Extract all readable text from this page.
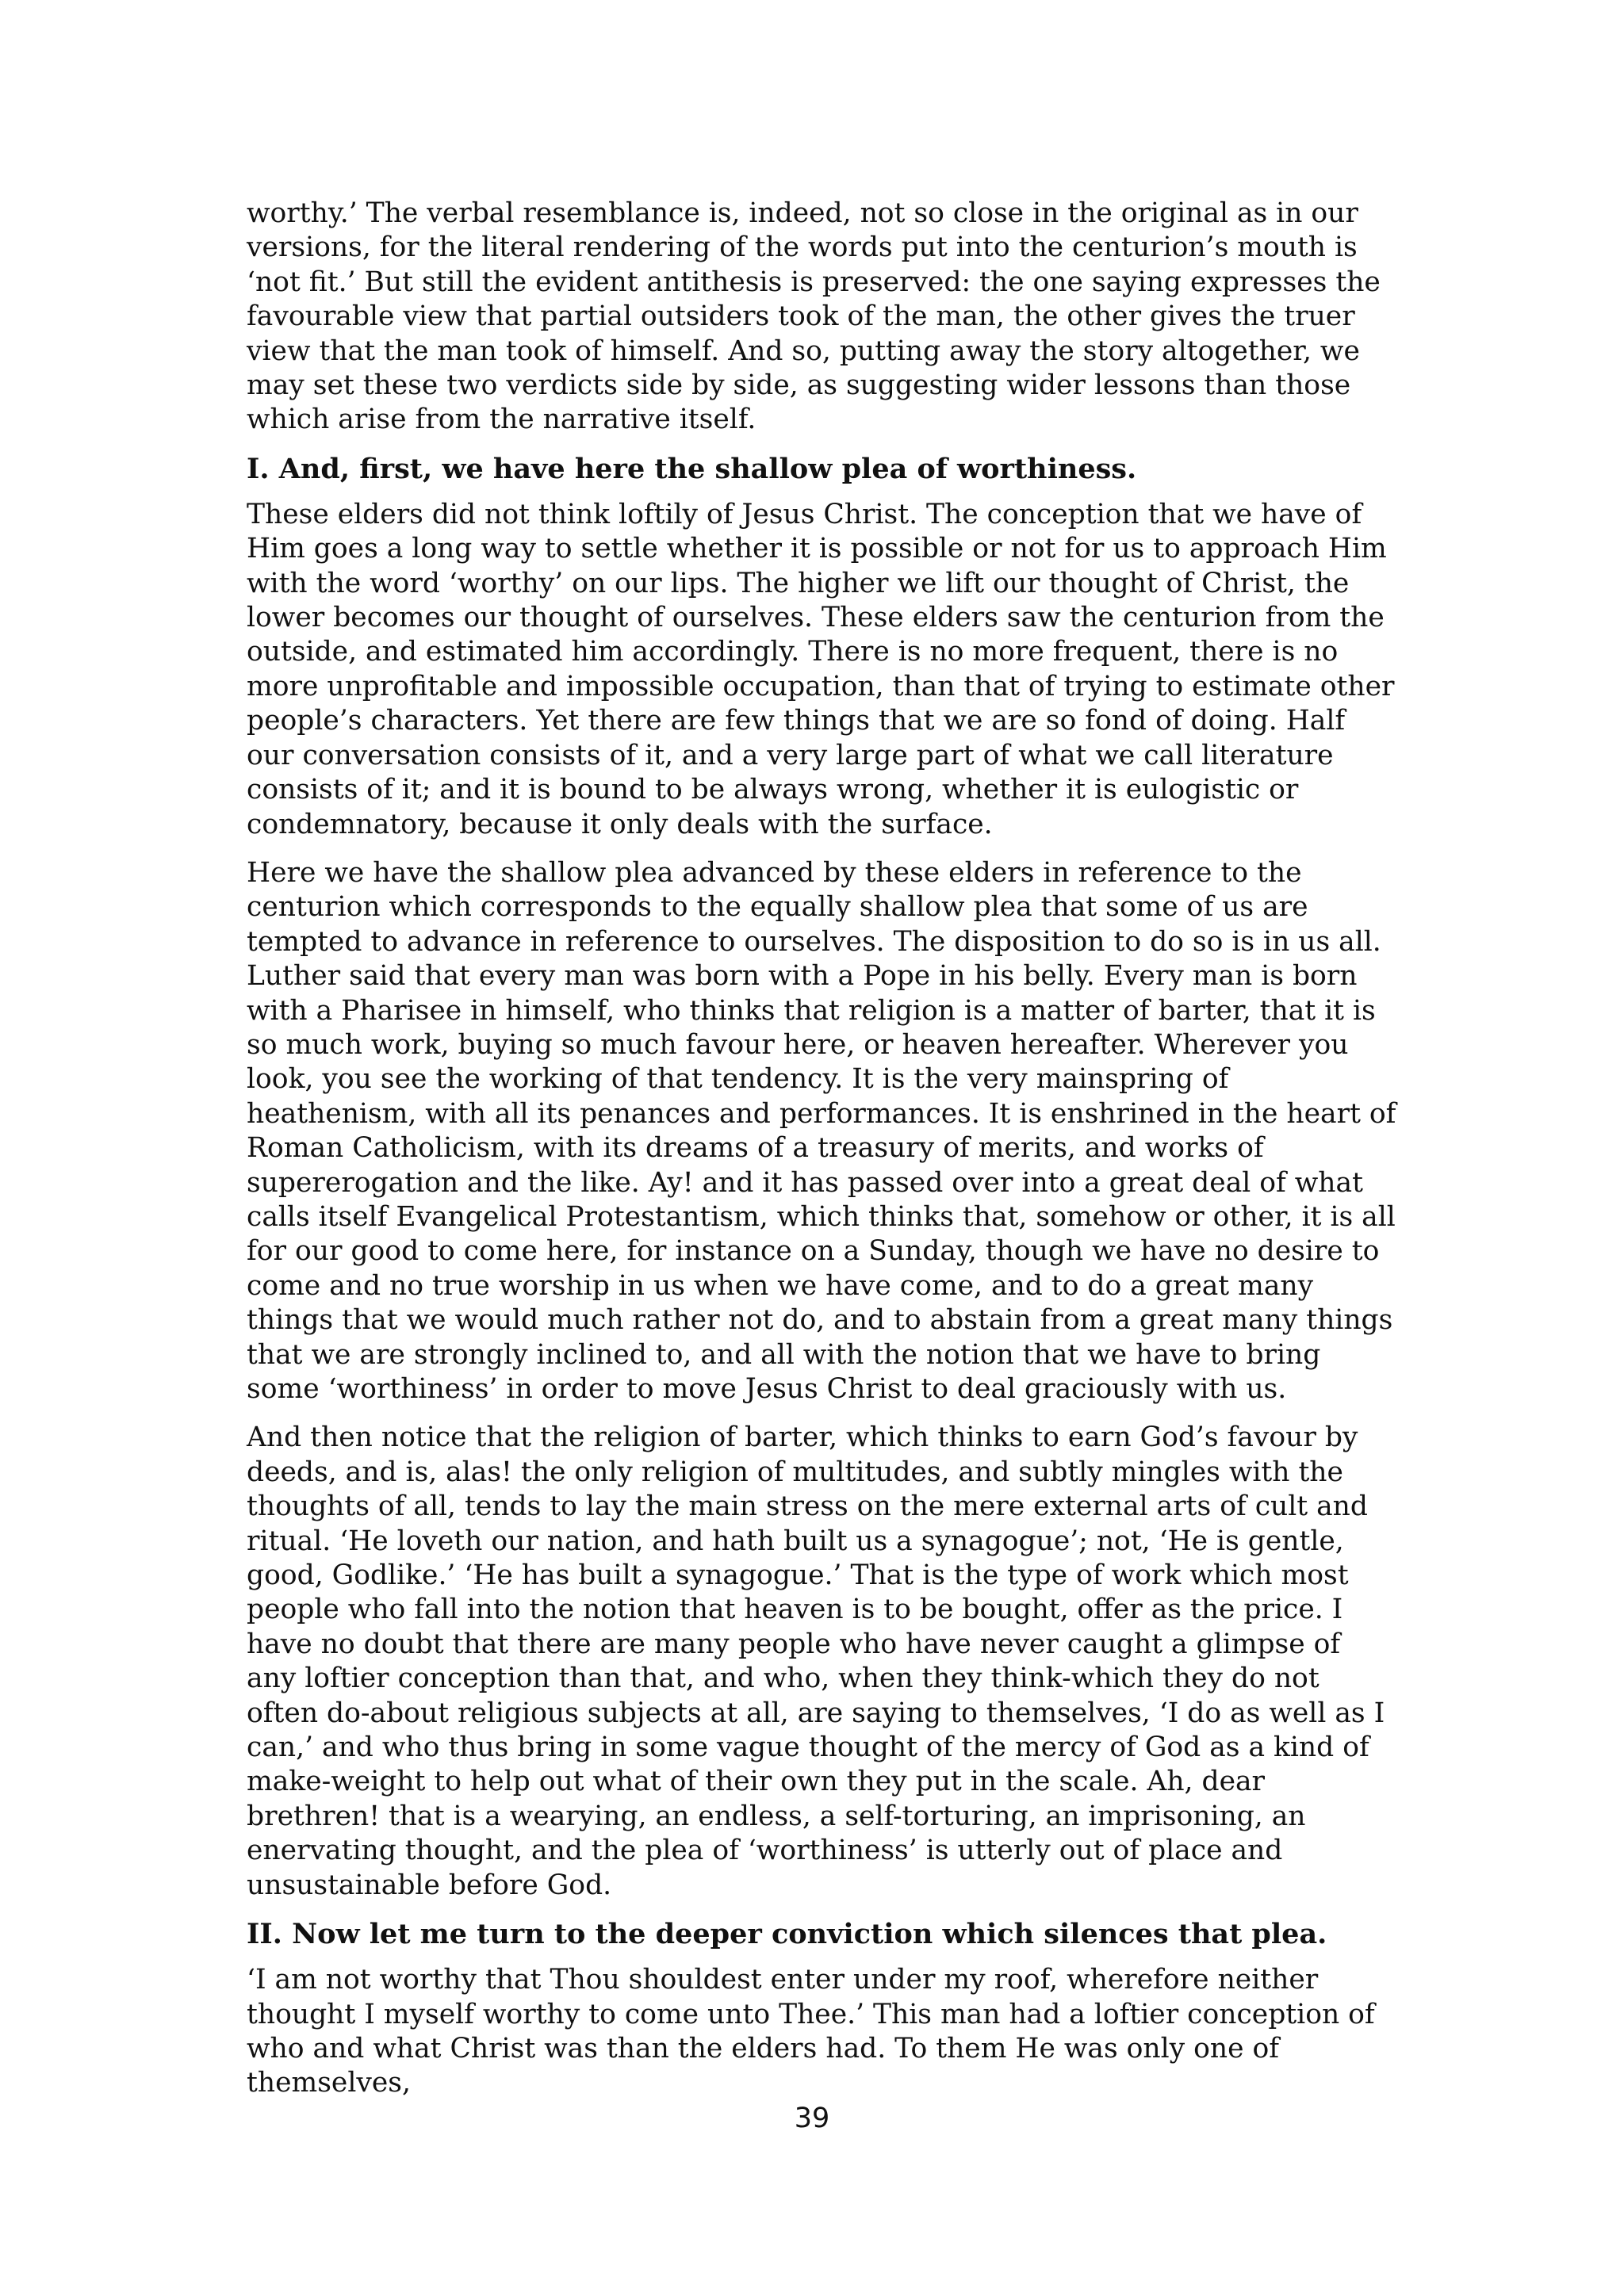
worthy.’ The verbal resemblance is, indeed, not so close in the original as in our versions, for the literal rendering of the words put into the centurion’s mouth is ‘not fit.’ But still the evident antithesis is preserved: the one saying expresses the favourable view that partial outsiders took of the man, the other gives the truer view that the man took of himself. And so, putting away the story altogether, we may set these two verdicts side by side, as suggesting wider lessons than those which arise from the narrative itself.

I. And, first, we have here the shallow plea of worthiness.

These elders did not think loftily of Jesus Christ. The conception that we have of Him goes a long way to settle whether it is possible or not for us to approach Him with the word ‘worthy’ on our lips. The higher we lift our thought of Christ, the lower becomes our thought of ourselves. These elders saw the centurion from the outside, and estimated him accordingly. There is no more frequent, there is no more unprofitable and impossible occupation, than that of trying to estimate other people’s characters. Yet there are few things that we are so fond of doing. Half our conversation consists of it, and a very large part of what we call literature consists of it; and it is bound to be always wrong, whether it is eulogistic or condemnatory, because it only deals with the surface.

Here we have the shallow plea advanced by these elders in reference to the centurion which corresponds to the equally shallow plea that some of us are tempted to advance in reference to ourselves. The disposition to do so is in us all. Luther said that every man was born with a Pope in his belly. Every man is born with a Pharisee in himself, who thinks that religion is a matter of barter, that it is so much work, buying so much favour here, or heaven hereafter. Wherever you look, you see the working of that tendency. It is the very mainspring of heathenism, with all its penances and performances. It is enshrined in the heart of Roman Catholicism, with its dreams of a treasury of merits, and works of supererogation and the like. Ay! and it has passed over into a great deal of what calls itself Evangelical Protestantism, which thinks that, somehow or other, it is all for our good to come here, for instance on a Sunday, though we have no desire to come and no true worship in us when we have come, and to do a great many things that we would much rather not do, and to abstain from a great many things that we are strongly inclined to, and all with the notion that we have to bring some ‘worthiness’ in order to move Jesus Christ to deal graciously with us.

And then notice that the religion of barter, which thinks to earn God’s favour by deeds, and is, alas! the only religion of multitudes, and subtly mingles with the thoughts of all, tends to lay the main stress on the mere external arts of cult and ritual. ‘He loveth our nation, and hath built us a synagogue’; not, ‘He is gentle, good, Godlike.’ ‘He has built a synagogue.’ That is the type of work which most people who fall into the notion that heaven is to be bought, offer as the price. I have no doubt that there are many people who have never caught a glimpse of any loftier conception than that, and who, when they think-which they do not often do-about religious subjects at all, are saying to themselves, ‘I do as well as I can,’ and who thus bring in some vague thought of the mercy of God as a kind of make-weight to help out what of their own they put in the scale. Ah, dear brethren! that is a wearying, an endless, a self-torturing, an imprisoning, an enervating thought, and the plea of ‘worthiness’ is utterly out of place and unsustainable before God.

II. Now let me turn to the deeper conviction which silences that plea.

‘I am not worthy that Thou shouldest enter under my roof, wherefore neither thought I myself worthy to come unto Thee.’ This man had a loftier conception of who and what Christ was than the elders had. To them He was only one of themselves,

39
